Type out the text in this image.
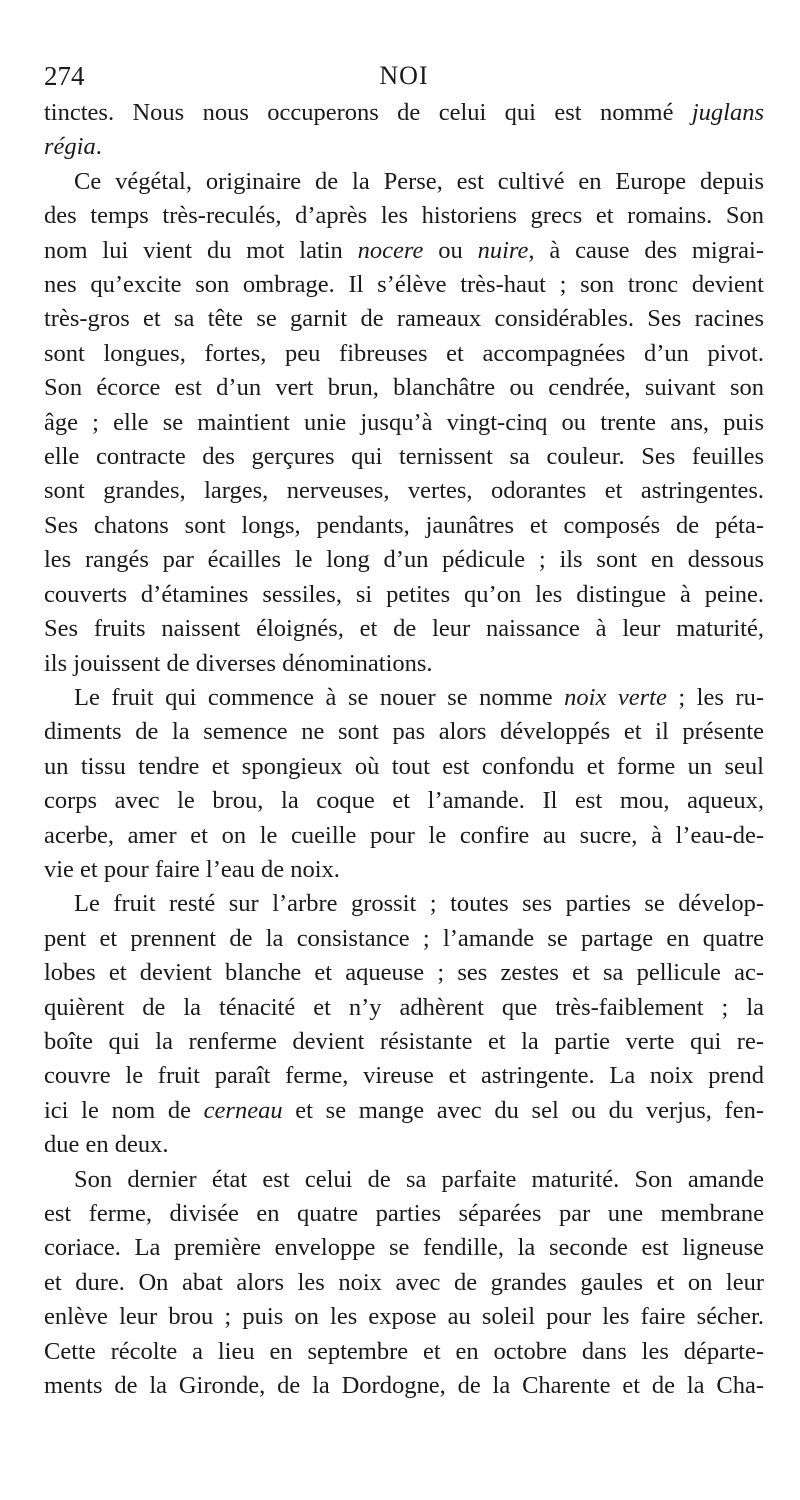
274	NOI

tinctes. Nous nous occuperons de celui qui est nommé juglans
régia.

Ce végétal, originaire de la Perse, est cultivé en Europe depuis
des temps très-reculés, d’après les historiens grecs et romains. Son
nom lui vient du mot latin nocere ou nuire, à cause des migrai-
nes qu’excite son ombrage. Il s’élève très-haut ; son tronc devient
très-gros et sa tête se garnit de rameaux considérables. Ses racines
sont longues, fortes, peu fibreuses et accompagnées d’un pivot.
Son écorce est d’un vert brun, blanchâtre ou cendrée, suivant son
âge ; elle se maintient unie jusqu’à vingt-cinq ou trente ans, puis
elle contracte des gerçures qui ternissent sa couleur. Ses feuilles
sont grandes, larges, nerveuses, vertes, odorantes et astringentes.
Ses chatons sont longs, pendants, jaunâtres et composés de péta-
les rangés par écailles le long d’un pédicule ; ils sont en dessous
couverts d’étamines sessiles, si petites qu’on les distingue à peine.
Ses fruits naissent éloignés, et de leur naissance à leur maturité,
ils jouissent de diverses dénominations.

Le fruit qui commence à se nouer se nomme noix verte ; les ru-
diments de la semence ne sont pas alors développés et il présente
un tissu tendre et spongieux où tout est confondu et forme un seul
corps avec le brou, la coque et l’amande. Il est mou, aqueux,
acerbe, amer et on le cueille pour le confire au sucre, à l’eau-de-
vie et pour faire l’eau de noix.

Le fruit resté sur l’arbre grossit ; toutes ses parties se dévelop-
pent et prennent de la consistance ; l’amande se partage en quatre
lobes et devient blanche et aqueuse ; ses zestes et sa pellicule ac-
quièrent de la ténacité et n’y adhèrent que très-faiblement ; la
boîte qui la renferme devient résistante et la partie verte qui re-
couvre le fruit paraît ferme, vireuse et astringente. La noix prend
ici le nom de cerneau et se mange avec du sel ou du verjus, fen-
due en deux.

Son dernier état est celui de sa parfaite maturité. Son amande
est ferme, divisée en quatre parties séparées par une membrane
coriace. La première enveloppe se fendille, la seconde est ligneuse
et dure. On abat alors les noix avec de grandes gaules et on leur
enlève leur brou ; puis on les expose au soleil pour les faire sécher.
Cette récolte a lieu en septembre et en octobre dans les départe-
ments de la Gironde, de la Dordogne, de la Charente et de la Cha-
